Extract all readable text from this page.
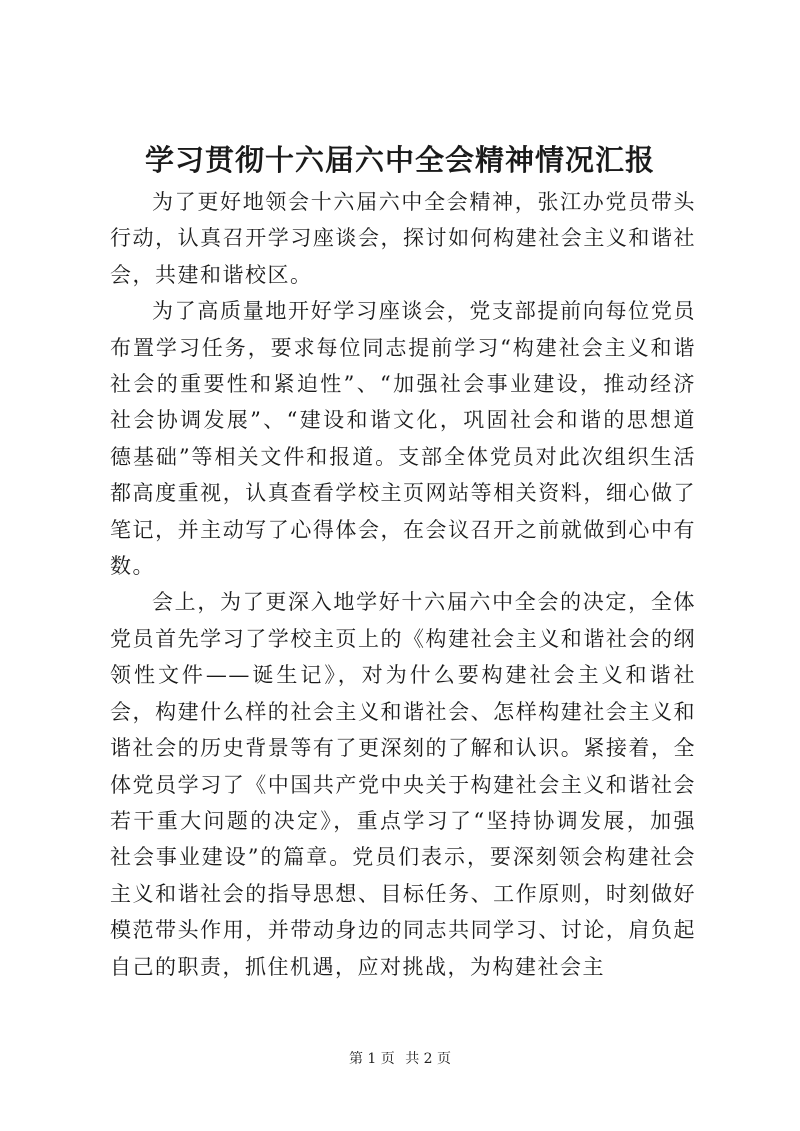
学习贯彻十六届六中全会精神情况汇报

为了更好地领会十六届六中全会精神，张江办党员带头行动，认真召开学习座谈会，探讨如何构建社会主义和谐社会，共建和谐校区。

为了高质量地开好学习座谈会，党支部提前向每位党员布置学习任务，要求每位同志提前学习“构建社会主义和谐社会的重要性和紧迫性”、“加强社会事业建设，推动经济社会协调发展”、“建设和谐文化，巩固社会和谐的思想道德基础”等相关文件和报道。支部全体党员对此次组织生活都高度重视，认真查看学校主页网站等相关资料，细心做了笔记，并主动写了心得体会，在会议召开之前就做到心中有数。

会上，为了更深入地学好十六届六中全会的决定，全体党员首先学习了学校主页上的《构建社会主义和谐社会的纲领性文件——诞生记》，对为什么要构建社会主义和谐社会，构建什么样的社会主义和谐社会、怎样构建社会主义和谐社会的历史背景等有了更深刻的了解和认识。紧接着，全体党员学习了《中国共产党中央关于构建社会主义和谐社会若干重大问题的决定》，重点学习了“坚持协调发展，加强社会事业建设”的篇章。党员们表示，要深刻领会构建社会主义和谐社会的指导思想、目标任务、工作原则，时刻做好模范带头作用，并带动身边的同志共同学习、讨论，肩负起自己的职责，抓住机遇，应对挑战，为构建社会主

第 1 页 共 2 页
